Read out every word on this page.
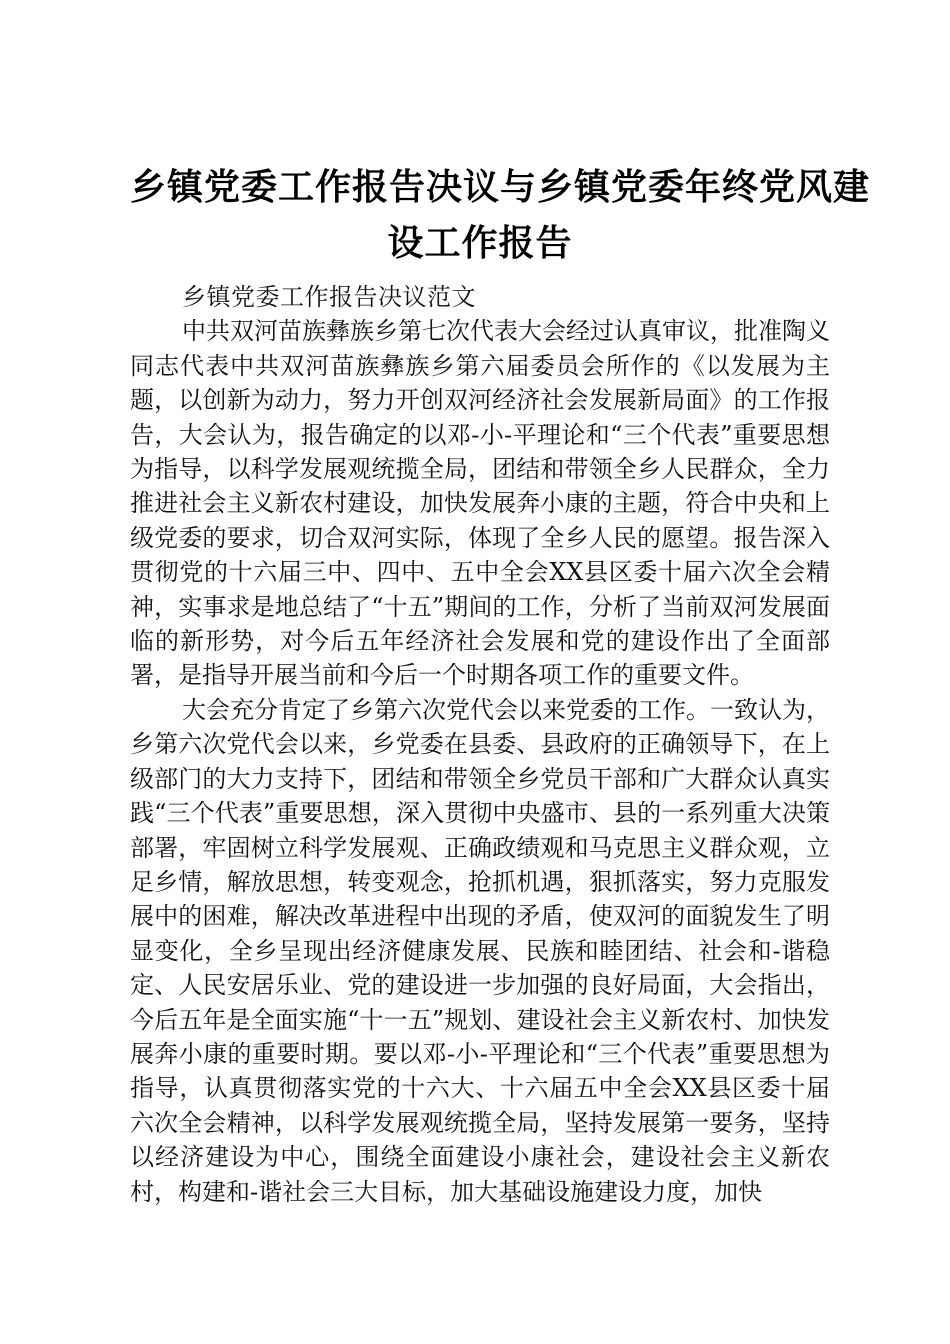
乡镇党委工作报告决议与乡镇党委年终党风建
设工作报告

乡镇党委工作报告决议范文

中共双河苗族彝族乡第七次代表大会经过认真审议，批准陶义同志代表中共双河苗族彝族乡第六届委员会所作的《以发展为主题，以创新为动力，努力开创双河经济社会发展新局面》的工作报告，大会认为，报告确定的以邓-小-平理论和“三个代表”重要思想为指导，以科学发展观统揽全局，团结和带领全乡人民群众，全力推进社会主义新农村建设，加快发展奔小康的主题，符合中央和上级党委的要求，切合双河实际，体现了全乡人民的愿望。报告深入贯彻党的十六届三中、四中、五中全会XX县区委十届六次全会精神，实事求是地总结了“十五”期间的工作，分析了当前双河发展面临的新形势，对今后五年经济社会发展和党的建设作出了全面部署，是指导开展当前和今后一个时期各项工作的重要文件。

大会充分肯定了乡第六次党代会以来党委的工作。一致认为，乡第六次党代会以来，乡党委在县委、县政府的正确领导下，在上级部门的大力支持下，团结和带领全乡党员干部和广大群众认真实践“三个代表”重要思想，深入贯彻中央盛市、县的一系列重大决策部署，牢固树立科学发展观、正确政绩观和马克思主义群众观，立足乡情，解放思想，转变观念，抢抓机遇，狠抓落实，努力克服发展中的困难，解决改革进程中出现的矛盾，使双河的面貌发生了明显变化，全乡呈现出经济健康发展、民族和睦团结、社会和-谐稳定、人民安居乐业、党的建设进一步加强的良好局面，大会指出，今后五年是全面实施“十一五”规划、建设社会主义新农村、加快发展奔小康的重要时期。要以邓-小-平理论和“三个代表”重要思想为指导，认真贯彻落实党的十六大、十六届五中全会XX县区委十届六次全会精神，以科学发展观统揽全局，坚持发展第一要务，坚持以经济建设为中心，围绕全面建设小康社会，建设社会主义新农村，构建和-谐社会三大目标，加大基础设施建设力度，加快
